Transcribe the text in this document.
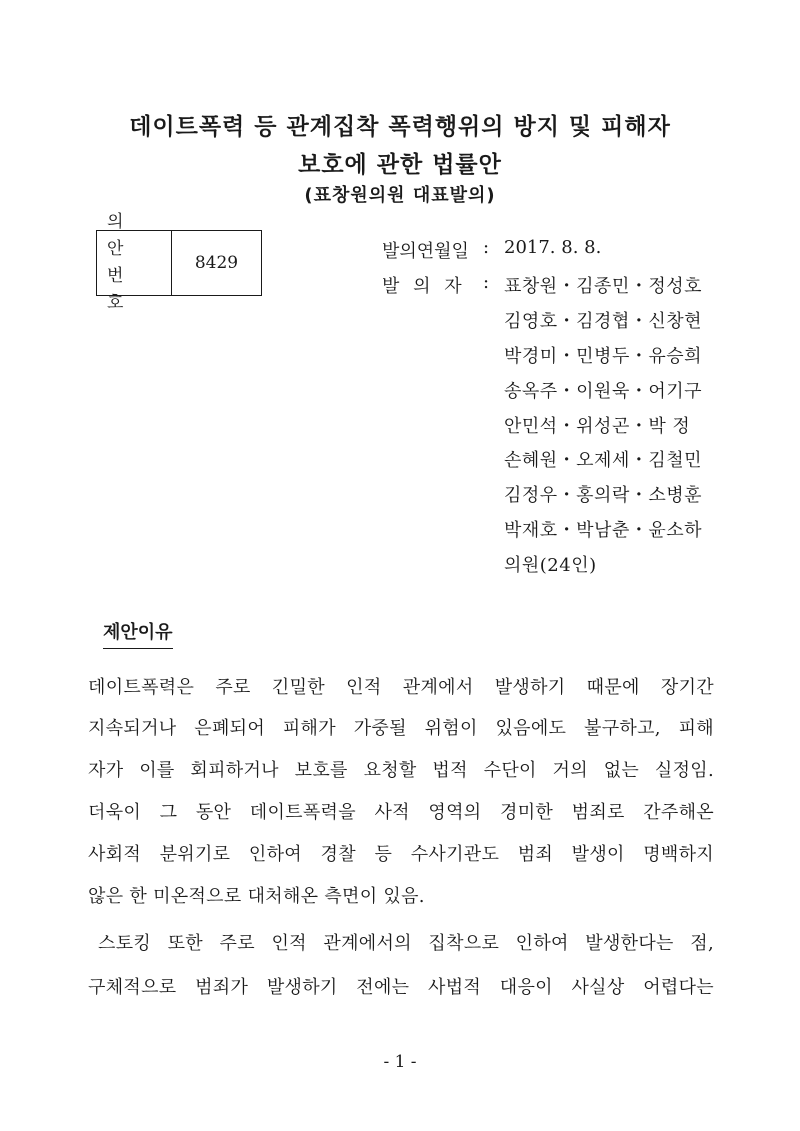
데이트폭력 등 관계집착 폭력행위의 방지 및 피해자
보호에 관한 법률안
(표창원의원 대표발의)
의 안
번 호
8429
발의연월일 : 2017. 8. 8.
발 의 자 : 표창원・김종민・정성호
김영호・김경협・신창현
박경미・민병두・유승희
송옥주・이원욱・어기구
안민석・위성곤・박 정
손혜원・오제세・김철민
김정우・홍의락・소병훈
박재호・박남춘・윤소하
의원(24인)
제안이유
데이트폭력은 주로 긴밀한 인적 관계에서 발생하기 때문에 장기간
지속되거나 은폐되어 피해가 가중될 위험이 있음에도 불구하고, 피해
자가 이를 회피하거나 보호를 요청할 법적 수단이 거의 없는 실정임.
더욱이 그 동안 데이트폭력을 사적 영역의 경미한 범죄로 간주해온
사회적 분위기로 인하여 경찰 등 수사기관도 범죄 발생이 명백하지
않은 한 미온적으로 대처해온 측면이 있음.
스토킹 또한 주로 인적 관계에서의 집착으로 인하여 발생한다는 점,
구체적으로 범죄가 발생하기 전에는 사법적 대응이 사실상 어렵다는
- 1 -
